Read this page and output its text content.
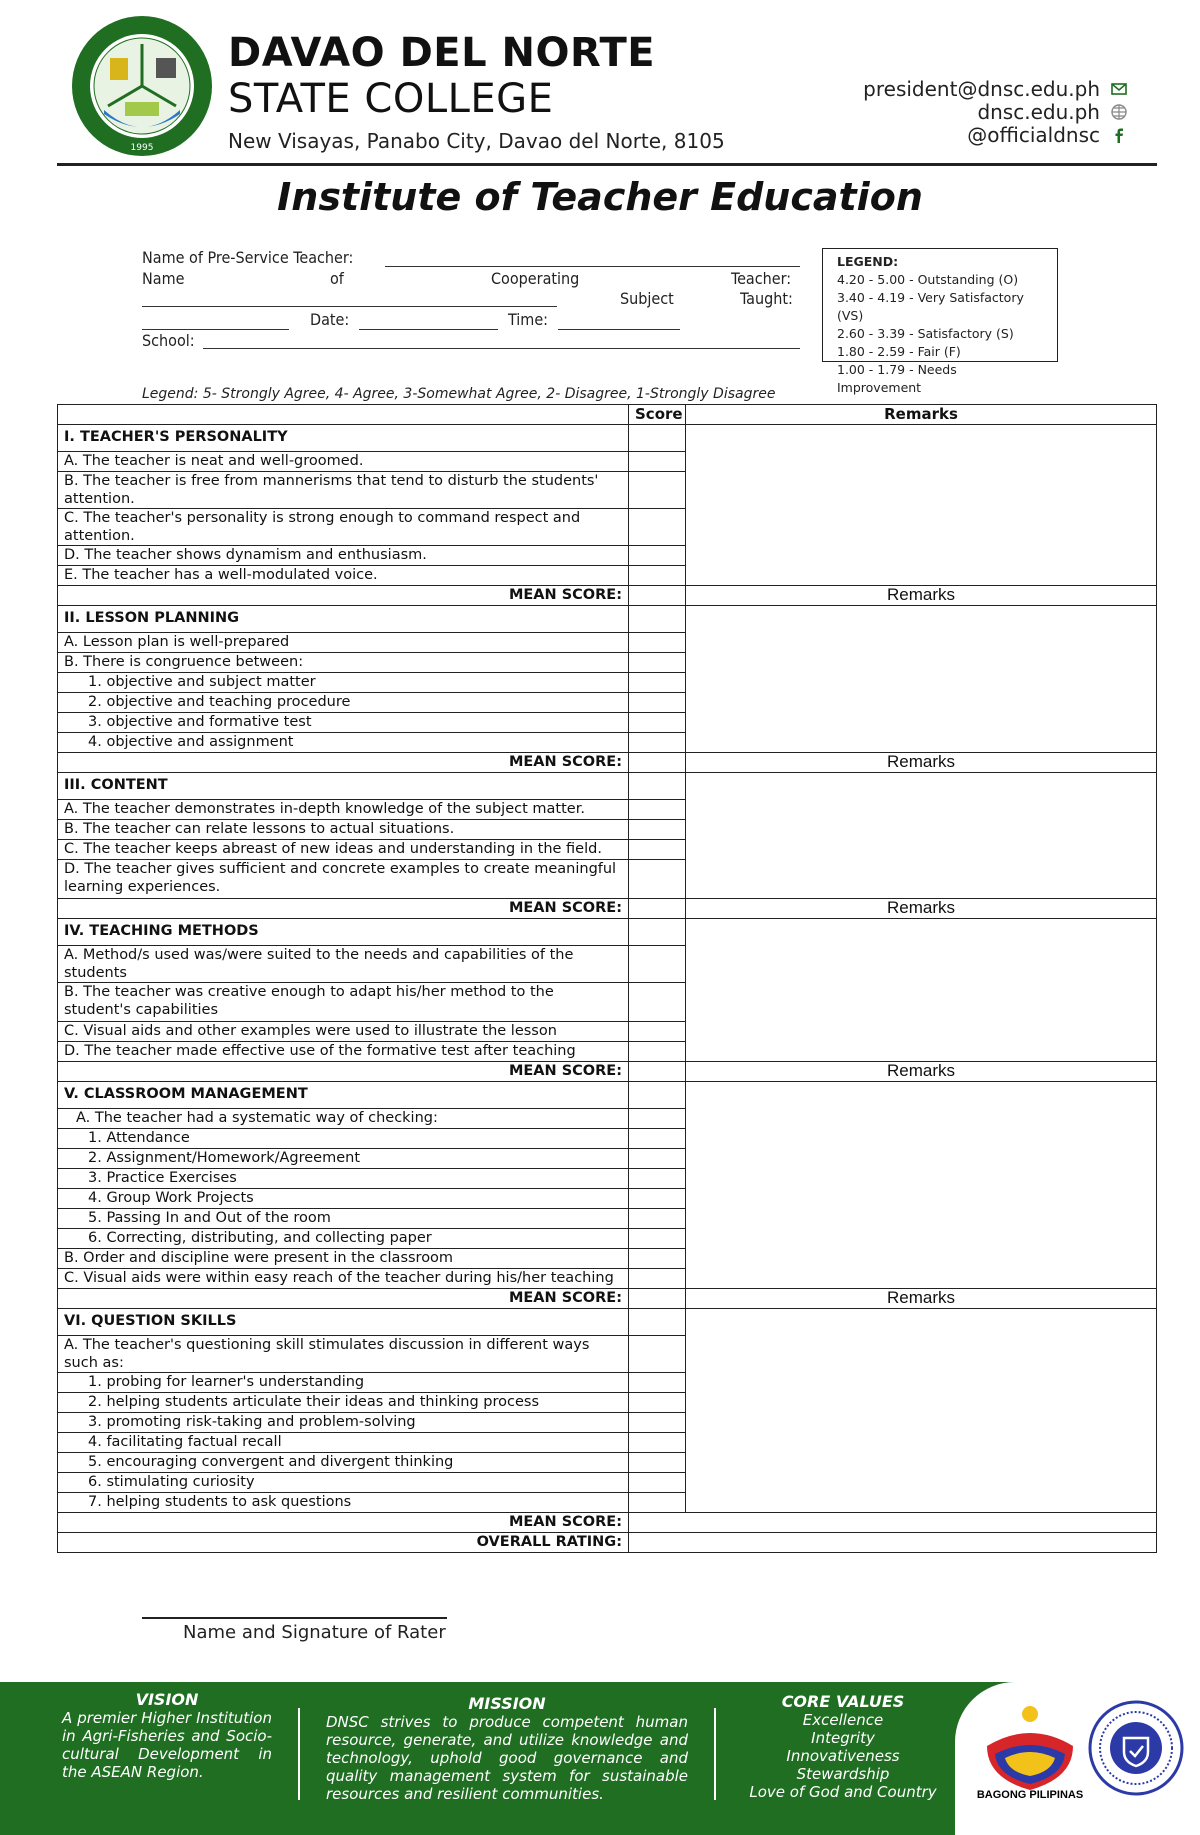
1995
DAVAO DEL NORTE
STATE COLLEGE
New Visayas, Panabo City, Davao del Norte, 8105
president@dnsc.edu.ph
dnsc.edu.ph
@officialdnsc
Institute of Teacher Education
Name of Pre-Service Teacher:
Name	of	Cooperating	Teacher:
Subject	Taught:
Date:	Time:
School:
LEGEND:
4.20 - 5.00 - Outstanding (O)
3.40 - 4.19 - Very Satisfactory (VS)
2.60 - 3.39 - Satisfactory (S)
1.80 - 2.59 - Fair (F)
1.00 - 1.79 - Needs Improvement
Legend: 5- Strongly Agree, 4- Agree, 3-Somewhat Agree, 2- Disagree, 1-Strongly Disagree
	Score	Remarks
I. TEACHER'S PERSONALITY		
A. The teacher is neat and well-groomed.		
B. The teacher is free from mannerisms that tend to disturb the students' attention.		
C. The teacher's personality is strong enough to command respect and attention.		
D. The teacher shows dynamism and enthusiasm.		
E. The teacher has a well-modulated voice.		
MEAN SCORE:		Remarks
II. LESSON PLANNING		
A. Lesson plan is well-prepared		
B. There is congruence between:		
1. objective and subject matter		
2. objective and teaching procedure		
3. objective and formative test		
4. objective and assignment		
MEAN SCORE:		Remarks
III. CONTENT		
A. The teacher demonstrates in-depth knowledge of the subject matter.		
B. The teacher can relate lessons to actual situations.		
C. The teacher keeps abreast of new ideas and understanding in the field.		
D. The teacher gives sufficient and concrete examples to create meaningful learning experiences.		
MEAN SCORE:		Remarks
IV. TEACHING METHODS		
A. Method/s used was/were suited to the needs and capabilities of the students		
B. The teacher was creative enough to adapt his/her method to the student's capabilities		
C. Visual aids and other examples were used to illustrate the lesson		
D. The teacher made effective use of the formative test after teaching		
MEAN SCORE:		Remarks
V. CLASSROOM MANAGEMENT		
A. The teacher had a systematic way of checking:		
1. Attendance		
2. Assignment/Homework/Agreement		
3. Practice Exercises		
4. Group Work Projects		
5. Passing In and Out of the room		
6. Correcting, distributing, and collecting paper		
B. Order and discipline were present in the classroom		
C. Visual aids were within easy reach of the teacher during his/her teaching		
MEAN SCORE:		Remarks
VI. QUESTION SKILLS		
A. The teacher's questioning skill stimulates discussion in different ways such as:		
1. probing for learner's understanding		
2. helping students articulate their ideas and thinking process		
3. promoting risk-taking and problem-solving		
4. facilitating factual recall		
5. encouraging convergent and divergent thinking		
6. stimulating curiosity		
7. helping students to ask questions		
MEAN SCORE:		
OVERALL RATING:		
Name and Signature of Rater
VISION
A premier Higher Institution in Agri-Fisheries and Socio-cultural Development in the ASEAN Region.
MISSION
DNSC strives to produce competent human resource, generate, and utilize knowledge and technology, uphold good governance and quality management system for sustainable resources and resilient communities.
CORE VALUES
Excellence
Integrity
Innovativeness
Stewardship
Love of God and Country	BAGONG PILIPINAS
